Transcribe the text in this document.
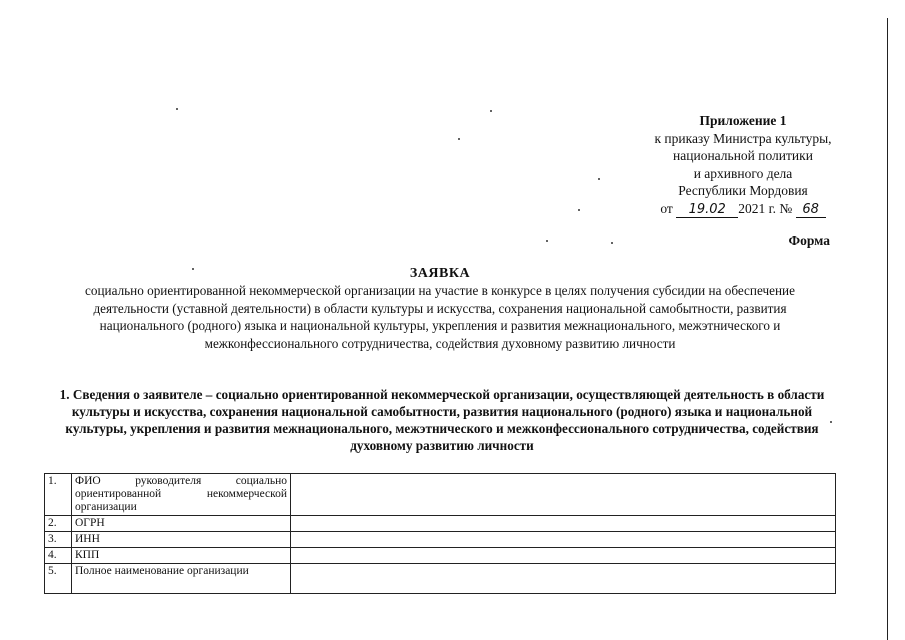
Приложение 1
к приказу Министра культуры,
национальной политики
и архивного дела
Республики Мордовия
от 19.02 2021 г. № 68
Форма
ЗАЯВКА
социально ориентированной некоммерческой организации на участие в конкурсе в целях получения субсидии на обеспечение деятельности (уставной деятельности) в области культуры и искусства, сохранения национальной самобытности, развития национального (родного) языка и национальной культуры, укрепления и развития межнационального, межэтнического и межконфессионального сотрудничества, содействия духовному развитию личности
1. Сведения о заявителе – социально ориентированной некоммерческой организации, осуществляющей деятельность в области культуры и искусства, сохранения национальной самобытности, развития национального (родного) языка и национальной культуры, укрепления и развития межнационального, межэтнического и межконфессионального сотрудничества, содействия духовному развитию личности
1.	ФИО руководителя социально ориентированной некоммерческой организации	
2.	ОГРН	
3.	ИНН	
4.	КПП	
5.	Полное наименование организации	
